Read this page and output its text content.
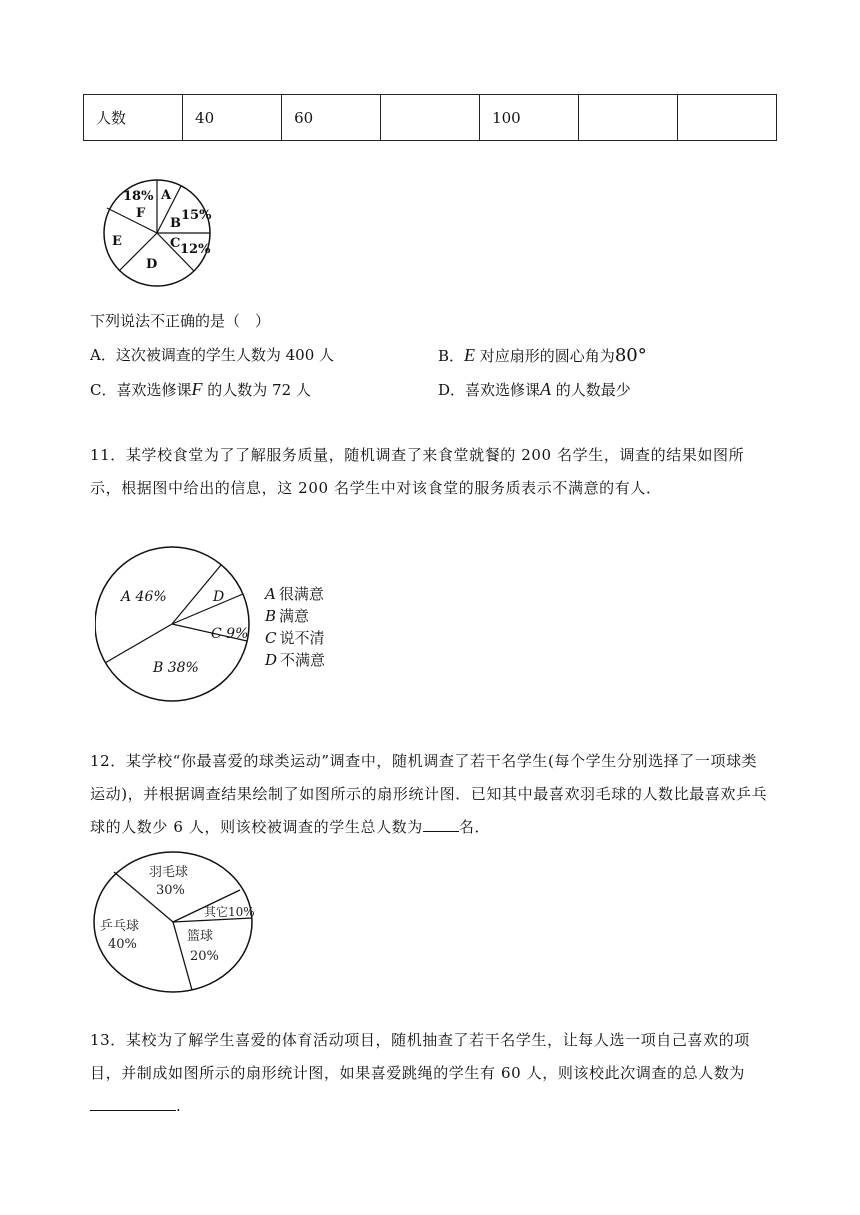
人数	40	60		100		
18%
F
A
B
15%
C 12%
E
D
下列说法不正确的是（　）
A．这次被调查的学生人数为 400 人	B．E 对应扇形的圆心角为80°
C．喜欢选修课F 的人数为 72 人	D．喜欢选修课A 的人数最少

11．某学校食堂为了了解服务质量，随机调查了来食堂就餐的 200 名学生，调查的结果如图所示，根据图中给出的信息，这 200 名学生中对该食堂的服务质表示不满意的有人．

A 46%	D
C 9%
B 38%
A 很满意
B 满意
C 说不清
D 不满意

12．某学校“你最喜爱的球类运动”调查中，随机调查了若干名学生(每个学生分别选择了一项球类运动)，并根据调查结果绘制了如图所示的扇形统计图．已知其中最喜欢羽毛球的人数比最喜欢乒乓球的人数少 6 人，则该校被调查的学生总人数为 名．

羽毛球
30%
其它10%
乒乓球
40%
篮球
20%

13．某校为了解学生喜爱的体育活动项目，随机抽查了若干名学生，让每人选一项自己喜欢的项目，并制成如图所示的扇形统计图，如果喜爱跳绳的学生有 60 人，则该校此次调查的总人数为.
